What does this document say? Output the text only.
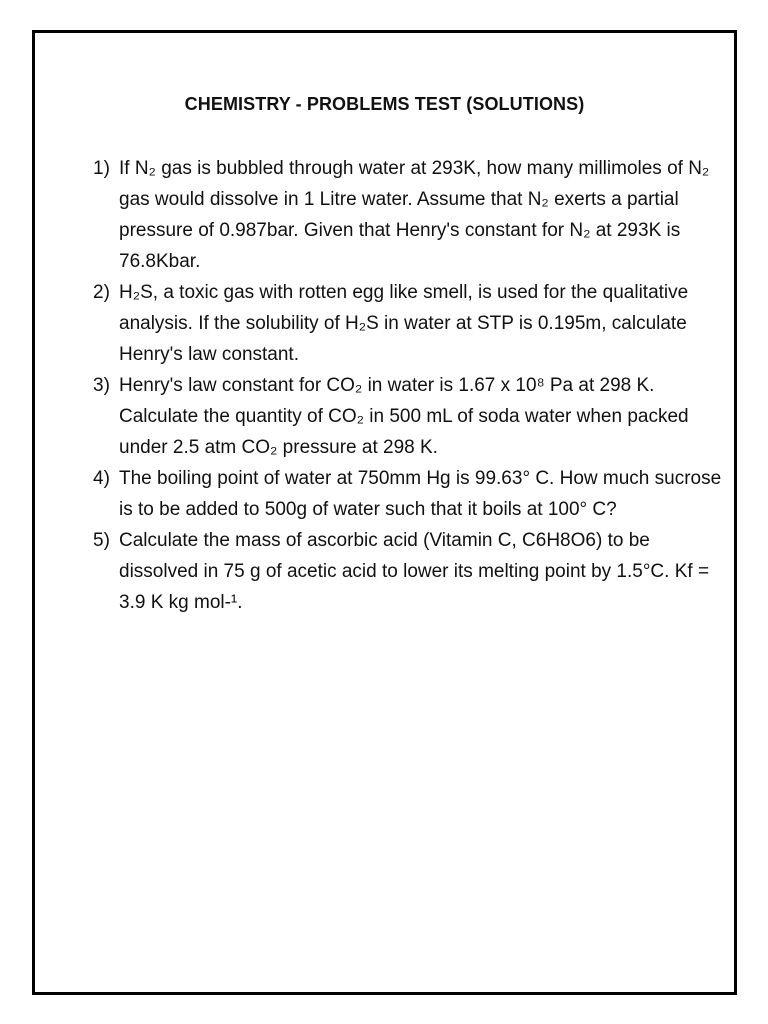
CHEMISTRY - PROBLEMS TEST (SOLUTIONS)
1) If N₂ gas is bubbled through water at 293K, how many millimoles of N₂ gas would dissolve in 1 Litre water. Assume that N₂ exerts a partial pressure of 0.987bar. Given that Henry's constant for N₂ at 293K is 76.8Kbar.
2) H₂S, a toxic gas with rotten egg like smell, is used for the qualitative analysis. If the solubility of H₂S in water at STP is 0.195m, calculate Henry's law constant.
3) Henry's law constant for CO₂ in water is 1.67 x 10⁸ Pa at 298 K. Calculate the quantity of CO₂ in 500 mL of soda water when packed under 2.5 atm CO₂ pressure at 298 K.
4) The boiling point of water at 750mm Hg is 99.63° C. How much sucrose is to be added to 500g of water such that it boils at 100° C?
5) Calculate the mass of ascorbic acid (Vitamin C, C6H8O6) to be dissolved in 75 g of acetic acid to lower its melting point by 1.5°C. Kf = 3.9 K kg mol-¹.
